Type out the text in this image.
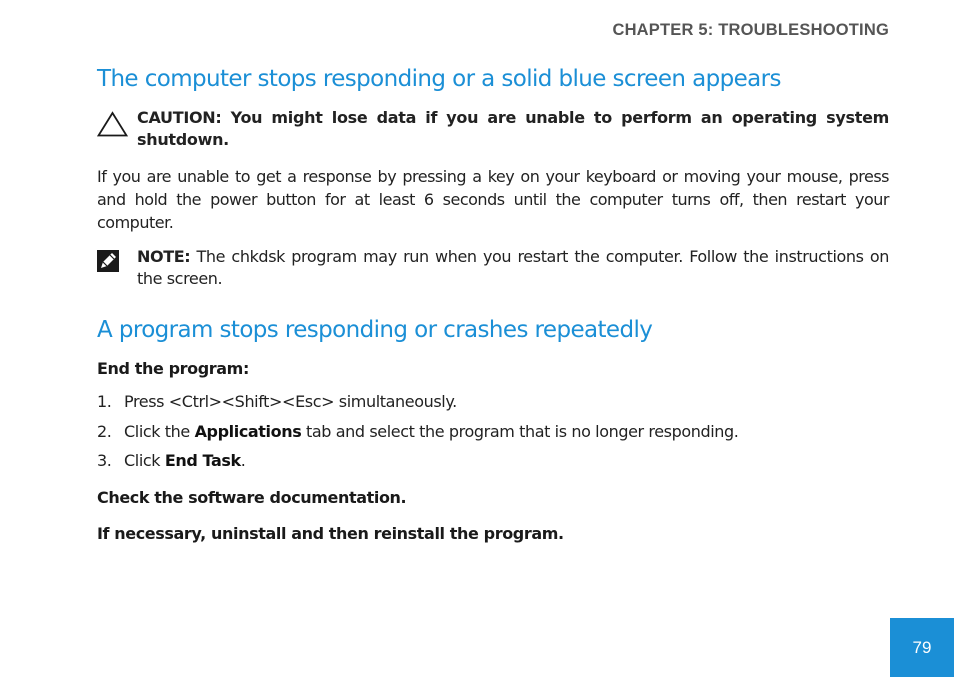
CHAPTER 5: TROUBLESHOOTING
The computer stops responding or a solid blue screen appears
CAUTION: You might lose data if you are unable to perform an operating system shutdown.
If you are unable to get a response by pressing a key on your keyboard or moving your mouse, press and hold the power button for at least 6 seconds until the computer turns off, then restart your computer.
NOTE: The chkdsk program may run when you restart the computer. Follow the instructions on the screen.
A program stops responding or crashes repeatedly
End the program:
1. Press <Ctrl><Shift><Esc> simultaneously.
2. Click the Applications tab and select the program that is no longer responding.
3. Click End Task.
Check the software documentation.
If necessary, uninstall and then reinstall the program.
79
